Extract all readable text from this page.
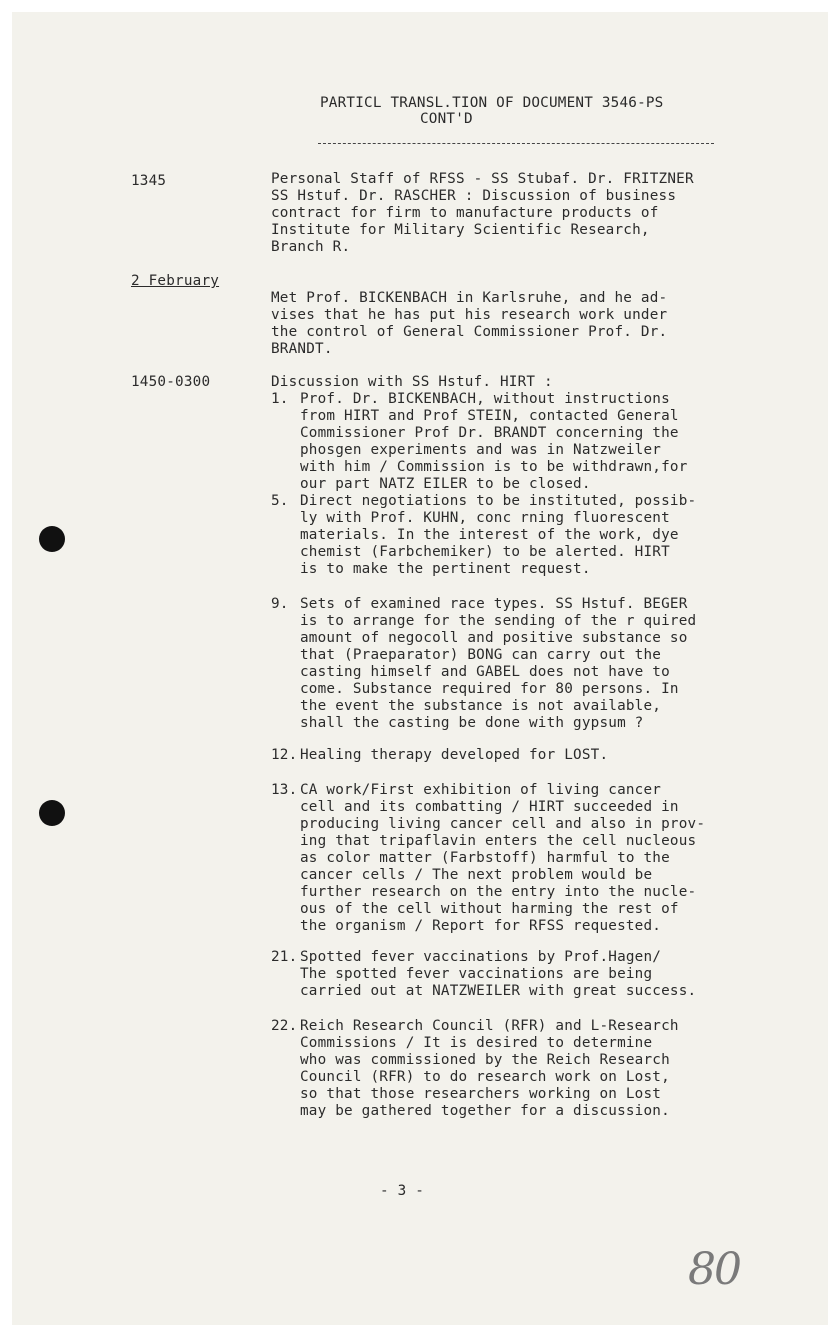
PARTICL TRANSL.TION OF DOCUMENT 3546-PS
CONT'D
1345	Personal Staff of RFSS - SS Stubaf. Dr. FRITZNER
SS Hstuf. Dr. RASCHER : Discussion of business
contract for firm to manufacture products of
Institute for Military Scientific Research,
Branch R.
2 February
Met Prof. BICKENBACH in Karlsruhe, and he ad-
vises that he has put his research work under
the control of General Commissioner Prof. Dr.
BRANDT.
1450-0300	Discussion with SS Hstuf. HIRT :
1. Prof. Dr. BICKENBACH, without instructions
from HIRT and Prof STEIN, contacted General
Commissioner Prof Dr. BRANDT concerning the
phosgen experiments and was in Natzweiler
with him / Commission is to be withdrawn,for
our part NATZ EILER to be closed.
5. Direct negotiations to be instituted, possib-
ly with Prof. KUHN, conc rning fluorescent
materials. In the interest of the work, dye
chemist (Farbchemiker) to be alerted. HIRT
is to make the pertinent request.
9. Sets of examined race types. SS Hstuf. BEGER
is to arrange for the sending of the r quired
amount of negocoll and positive substance so
that (Praeparator) BONG can carry out the
casting himself and GABEL does not have to
come. Substance required for 80 persons. In
the event the substance is not available,
shall the casting be done with gypsum ?
12. Healing therapy developed for LOST.
13. CA work/First exhibition of living cancer
cell and its combatting / HIRT succeeded in
producing living cancer cell and also in prov-
ing that tripaflavin enters the cell nucleous
as color matter (Farbstoff) harmful to the
cancer cells / The next problem would be
further research on the entry into the nucle-
ous of the cell without harming the rest of
the organism / Report for RFSS requested.
21. Spotted fever vaccinations by Prof.Hagen/
The spotted fever vaccinations are being
carried out at NATZWEILER with great success.
22. Reich Research Council (RFR) and L-Research
Commissions / It is desired to determine
who was commissioned by the Reich Research
Council (RFR) to do research work on Lost,
so that those researchers working on Lost
may be gathered together for a discussion.
- 3 -
80
